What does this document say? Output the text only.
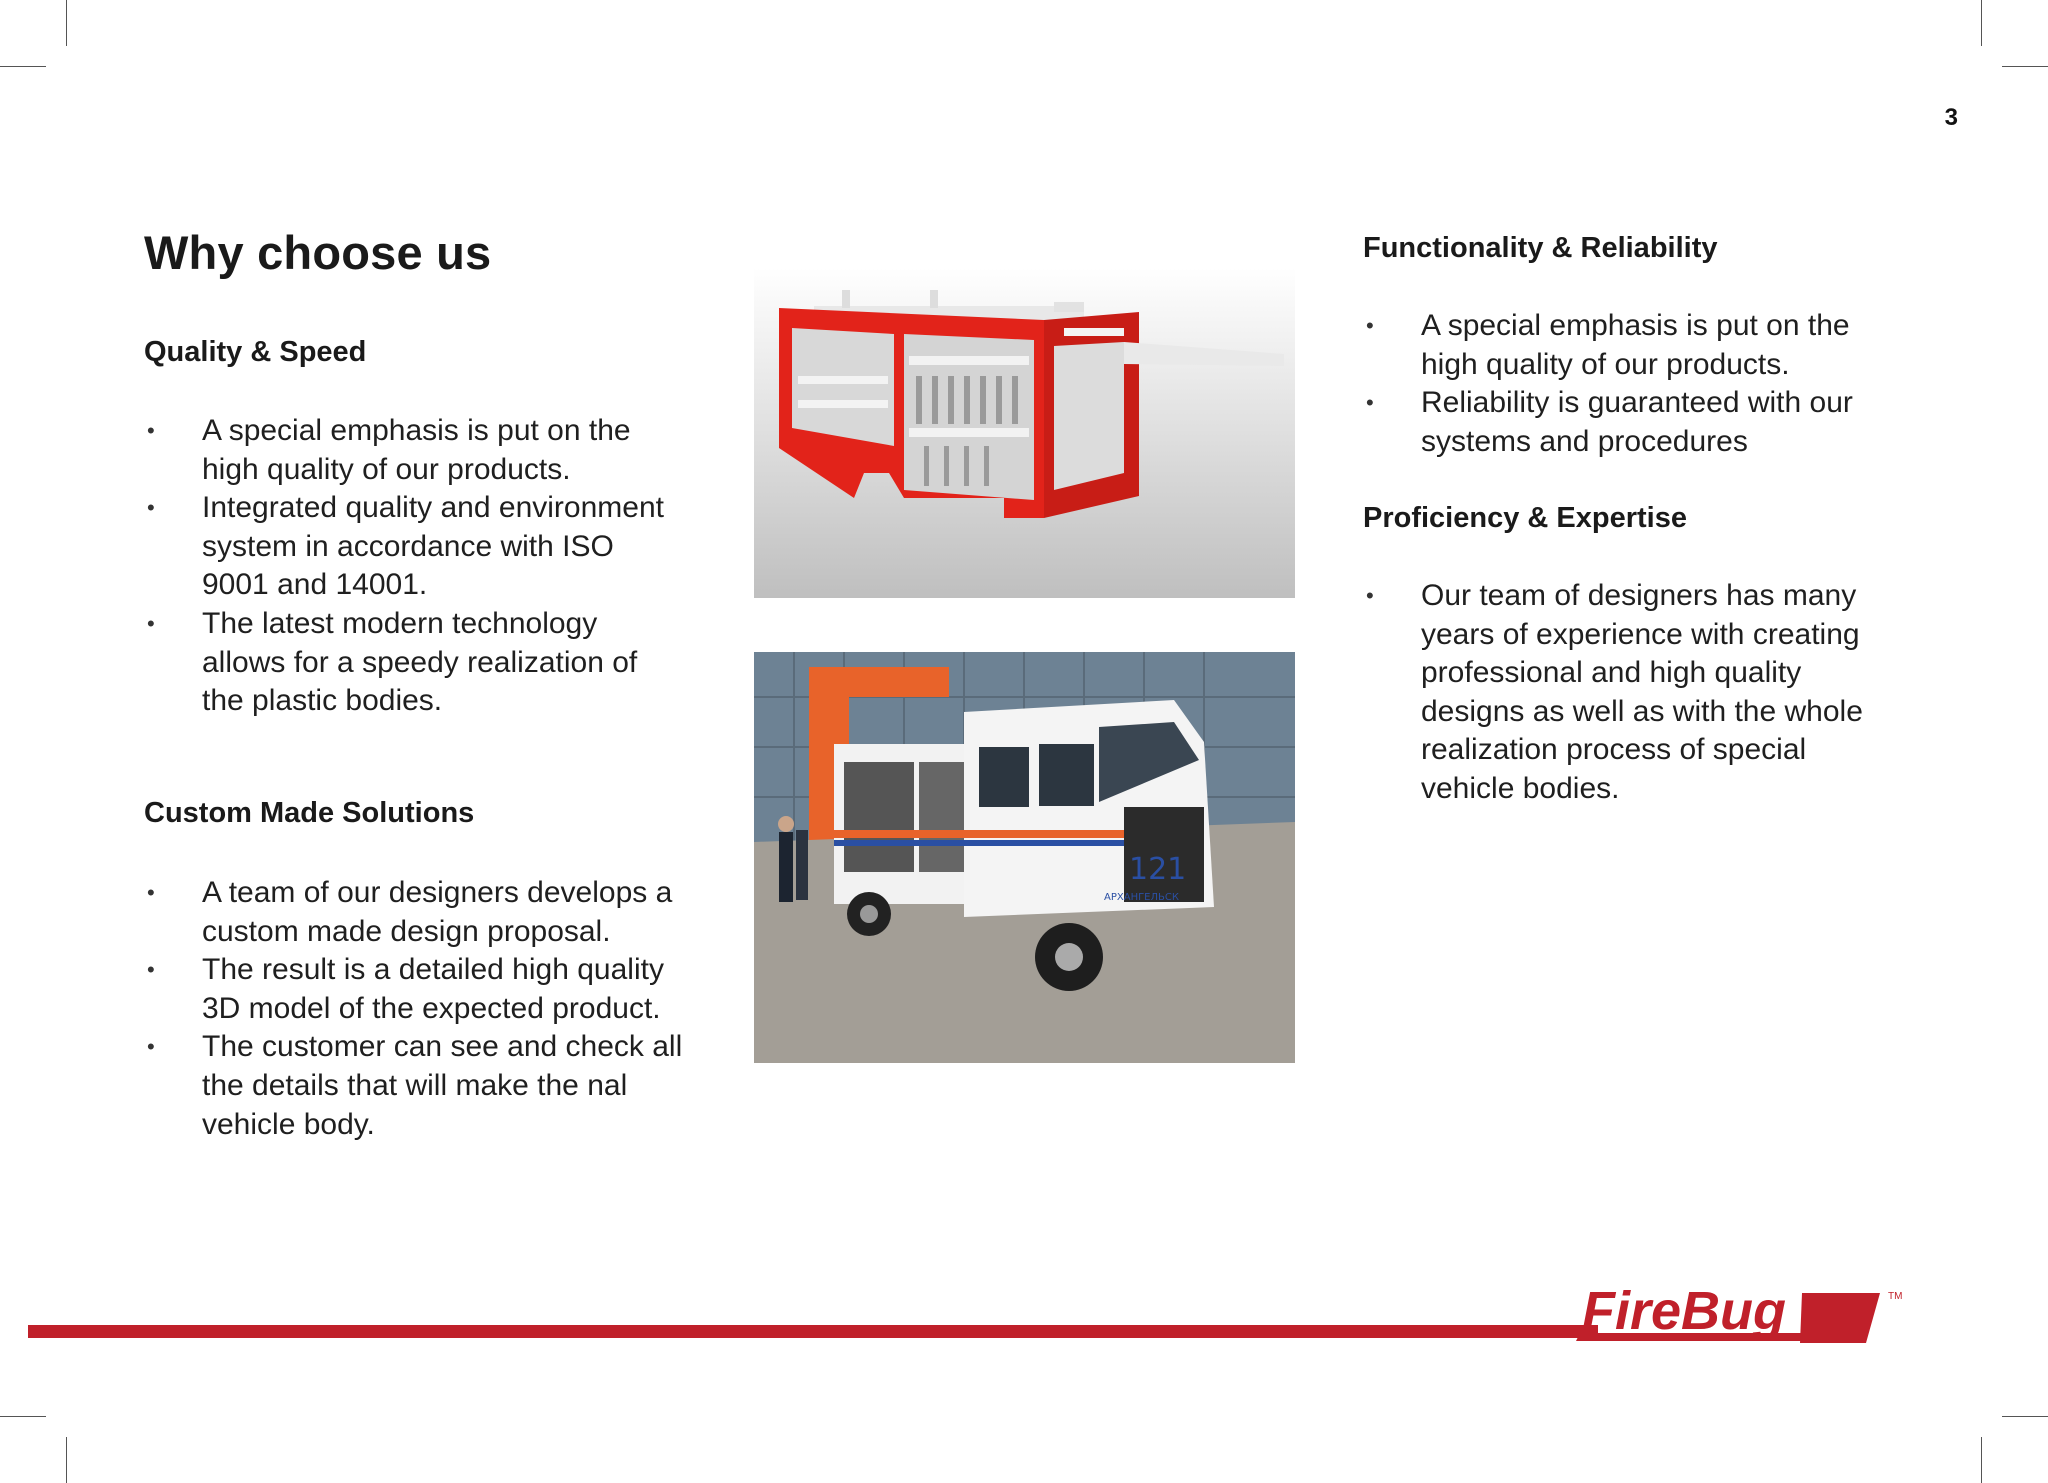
3
Why choose us
Quality & Speed
• A special emphasis is put on the high quality of our products.
• Integrated quality and environment system in accordance with ISO 9001 and 14001.
• The latest modern technology allows for a speedy realization of the plastic bodies.
Custom Made Solutions
• A team of our designers develops a custom made design proposal.
• The result is a detailed high quality 3D model of the expected product.
• The customer can see and check all the details that will make the nal vehicle body.
Functionality & Reliability
• A special emphasis is put on the high quality of our products.
• Reliability is guaranteed with our systems and procedures
Proficiency & Expertise
• Our team of designers has many years of experience with creating professional and high quality designs as well as with the whole realization process of special vehicle bodies.
121
АРХАНГЕЛЬСК
FireBug	TM
